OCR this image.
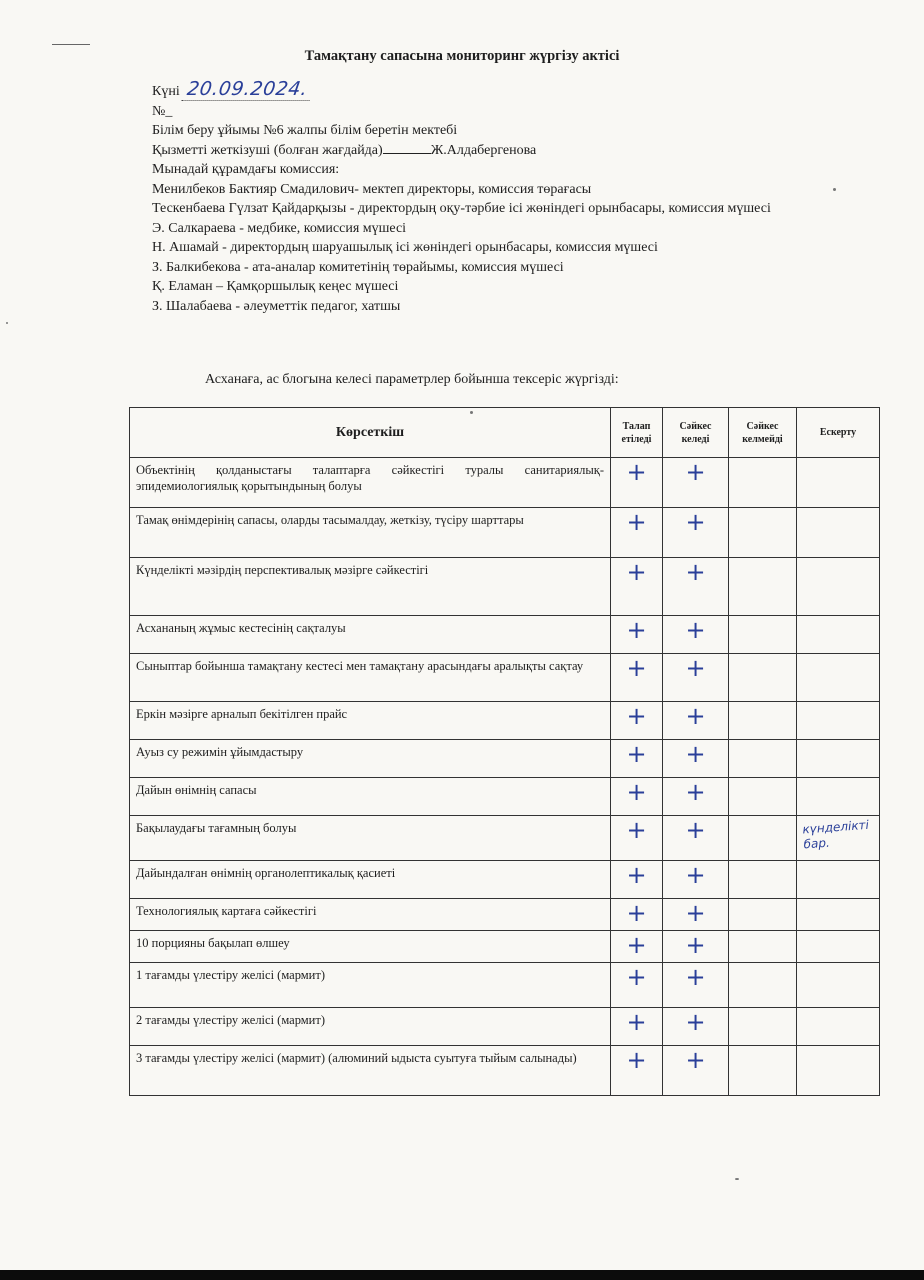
Тамақтану сапасына мониторинг жүргізу актісі
Күні 20.09.2024.
№_
Білім беру ұйымы №6 жалпы білім беретін мектебі
Қызметті жеткізуші (болған жағдайда)	Ж.Алдабергенова
Мынадай құрамдағы комиссия:
Менилбеков Бактияр Смадилович- мектеп директоры, комиссия төрағасы
Тескенбаева Гүлзат Қайдарқызы - директордың оқу-тәрбие ісі жөніндегі орынбасары, комиссия мүшесі
Э. Салкараева - медбике, комиссия мүшесі
Н. Ашамай - директордың шаруашылық ісі жөніндегі орынбасары, комиссия мүшесі
З. Балкибекова - ата-аналар комитетінің төрайымы, комиссия мүшесі
Қ. Еламан – Қамқоршылық кеңес мүшесі
З. Шалабаева - әлеуметтік педагог, хатшы
Асханаға, ас блогына келесі параметрлер бойынша тексеріс жүргізді:
Көрсеткіш	Талап етіледі	Сәйкес келеді	Сәйкес келмейді	Ескерту
Объектінің қолданыстағы талаптарға сәйкестігі туралы санитариялық-эпидемиологиялық қорытындының болуы	+	+		

Тамақ өнімдерінің сапасы, оларды тасымалдау, жеткізу, түсіру шарттары	+	+		

Күнделікті мәзірдің перспективалық мәзірге сәйкестігі	+	+		

Асхананың жұмыс кестесінің сақталуы	+	+		

Сыныптар бойынша тамақтану кестесі мен тамақтану арасындағы аралықты сақтау	+	+		

Еркін мәзірге арналып бекітілген прайс	+	+		

Ауыз су режимін ұйымдастыру	+	+		

Дайын өнімнің сапасы	+	+		

Бақылаудағы тағамның болуы	+	+		күнделікті
бар.

Дайындалған өнімнің органолептикалық қасиеті	+	+		

Технологиялық картаға сәйкестігі	+	+		

10 порцияны бақылап өлшеу	+	+		

1 тағамды үлестіру желісі (мармит)	+	+		

2 тағамды үлестіру желісі (мармит)	+	+		

3 тағамды үлестіру желісі (мармит) (алюминий ыдыста суытуға тыйым салынады)	+	+		
